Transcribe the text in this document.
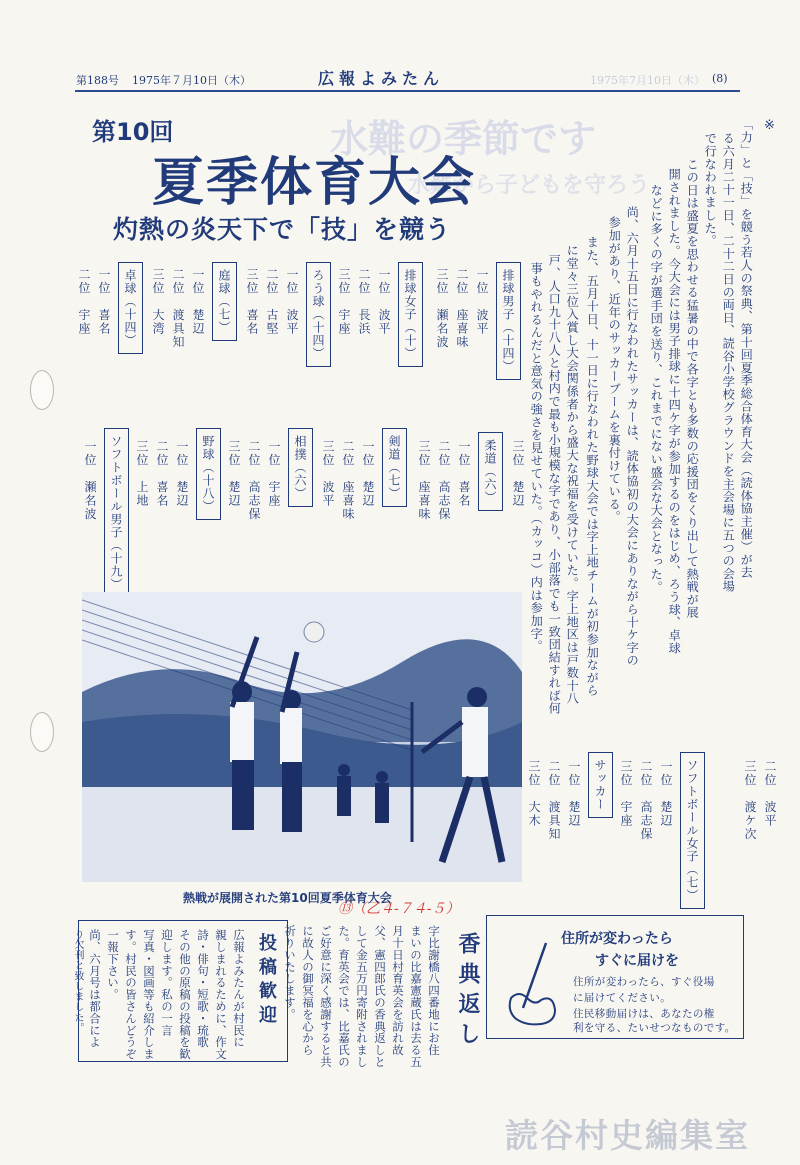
第188号 1975年７月10日（木）	広報よみたん	1975年7月10日（木） (8)
水難の季節です
水難から子どもを守ろう
第10回
夏季体育大会
灼熱の炎天下で「技」を競う
※
「力」と「技」を競う若人の祭典、第十回夏季総合体育大会（読体協主催）が去
る六月二十一日、二十二日の両日、読谷小学校グラウンドを主会場に五つの会場
で行なわれました。
この日は盛夏を思わせる猛暑の中で各字とも多数の応援団をくり出して熱戦が展
開されました。今大会には男子排球に十四ケ字が参加するのをはじめ、ろう球、卓球
などに多くの字が選手団を送り、これまでにない盛会な大会となった。
尚、六月十五日に行なわれたサッカーは、読体協初の大会にありながら十ケ字の
参加があり、近年のサッカーブームを裏付けている。
また、五月十日、十一日に行なわれた野球大会では字上地チームが初参加ながら
に堂々三位入賞し大会関係者から盛大な祝福を受けていた。字上地区は戸数十八
戸、人口九十八人と村内で最も小規模な字であり、小部落でも一致団結すれば何
事もやれるんだと意気の強さを見せていた。（カッコ）内は参加字。
排球男子（十四）
一位　波平
二位　座喜味
三位　瀬名波
排球女子（十）
一位　波平
二位　長浜
三位　宇座
ろう球（十四）
一位　波平
二位　古堅
三位　喜名
庭球（七）
一位　楚辺
二位　渡具知
三位　大湾
卓球（十四）
一位　喜名
二位　宇座
三位　楚辺
柔道（六）
一位　喜名
二位　高志保
三位　座喜味
剣道（七）
一位　楚辺
二位　座喜味
三位　波平
相撲（六）
一位　宇座
二位　高志保
三位　楚辺
野球（十八）
一位　楚辺
二位　喜名
三位　上地
ソフトボール男子（十九）
一位　瀬名波
熱戦が展開された第10回夏季体育大会
⑬（乙４-７４-５）
二位　波平
三位　渡ケ次
ソフトボール女子（七）
一位　楚辺
二位　高志保
三位　宇座
サッカー
一位　楚辺
二位　渡具知
三位　大木
投稿歓迎
広報よみたんが村民に
親しまれるために、作文
詩・俳句・短歌・琉歌
その他の原稿の投稿を歓
迎します。私の一言
写真・図画等も紹介しま
す。村民の皆さんどうぞ
一報下さい。
尚、六月号は都合によ
り欠刊と致しました。	香典返し
字比謝橋八四番地にお住
まいの比嘉憲蔵氏は去る五
月十日村育英会を訪れ故
父、憲四郎氏の香典返しと
して金五万円寄附されまし
た。育英会では、比嘉氏の
ご好意に深く感謝すると共
に故人の御冥福を心から
祈りいたします。	住所が変わったら
すぐに届けを
住所が変わったら、すぐ役場
に届けてください。
住民移動届けは、あなたの権
利を守る、たいせつなものです。
読谷村史編集室
